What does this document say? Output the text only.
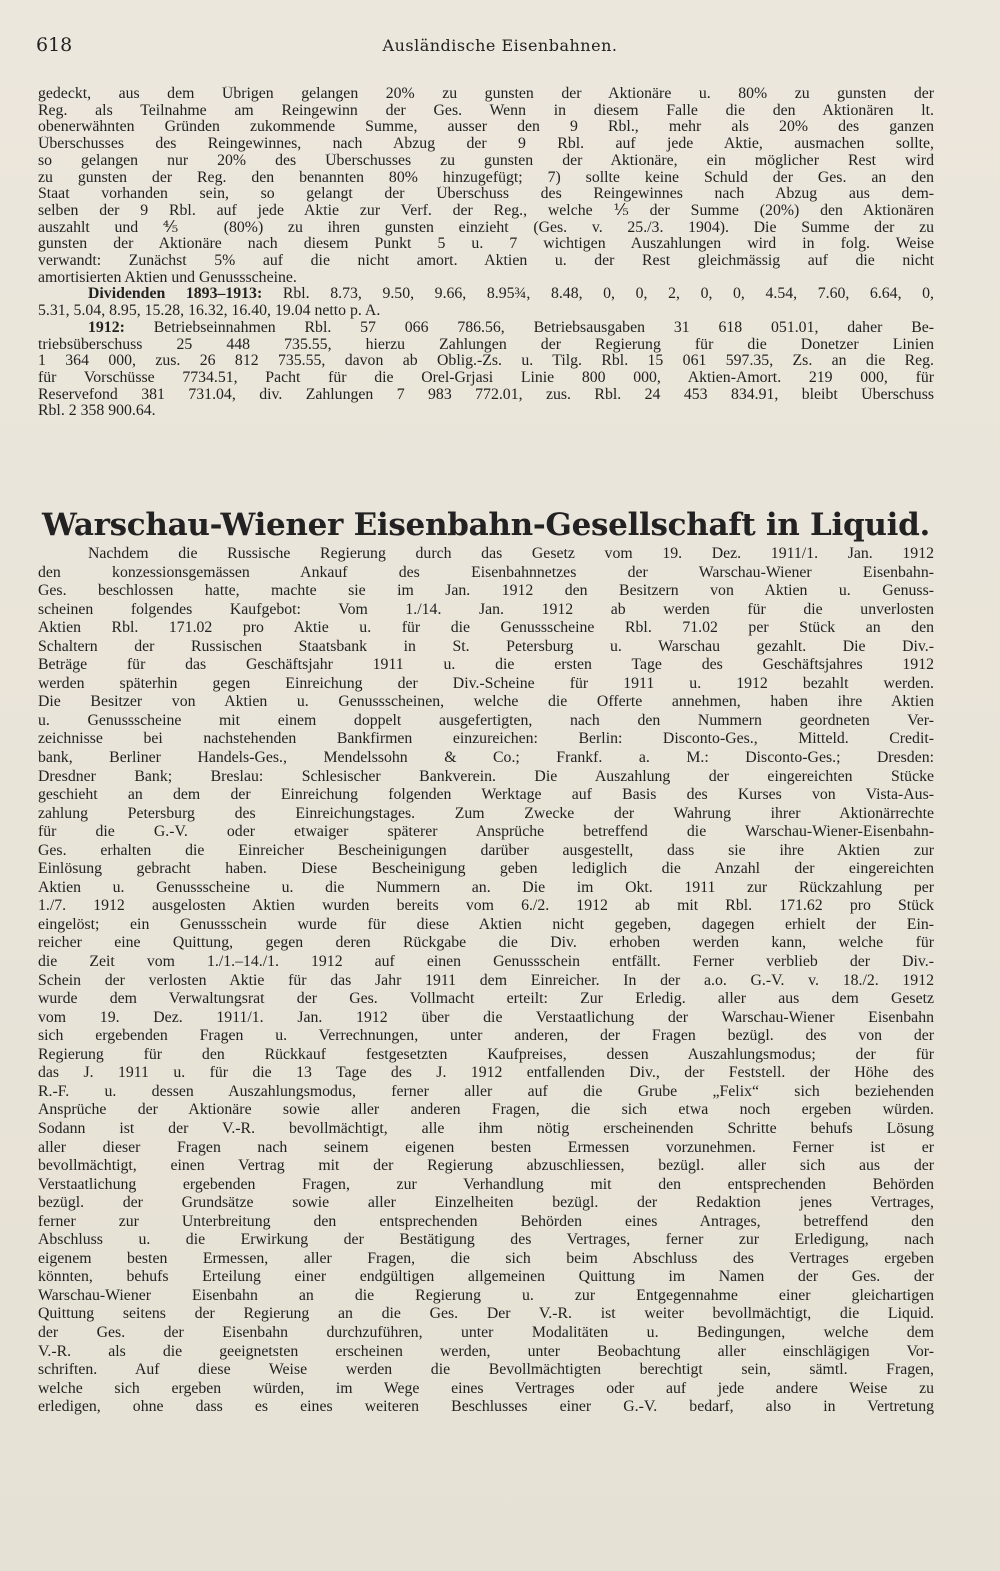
618	Ausländische Eisenbahnen.
gedeckt, aus dem Übrigen gelangen 20% zu gunsten der Aktionäre u. 80% zu gunsten der
Reg. als Teilnahme am Reingewinn der Ges. Wenn in diesem Falle die den Aktionären lt.
obenerwähnten Gründen zukommende Summe, ausser den 9 Rbl., mehr als 20% des ganzen
Überschusses des Reingewinnes, nach Abzug der 9 Rbl. auf jede Aktie, ausmachen sollte,
so gelangen nur 20% des Überschusses zu gunsten der Aktionäre, ein möglicher Rest wird
zu gunsten der Reg. den benannten 80% hinzugefügt; 7) sollte keine Schuld der Ges. an den
Staat vorhanden sein, so gelangt der Überschuss des Reingewinnes nach Abzug aus dem-
selben der 9 Rbl. auf jede Aktie zur Verf. der Reg., welche ⅕ der Summe (20%) den Aktionären
auszahlt und ⅘ (80%) zu ihren gunsten einzieht (Ges. v. 25./3. 1904). Die Summe der zu
gunsten der Aktionäre nach diesem Punkt 5 u. 7 wichtigen Auszahlungen wird in folg. Weise
verwandt: Zunächst 5% auf die nicht amort. Aktien u. der Rest gleichmässig auf die nicht
amortisierten Aktien und Genussscheine.
Dividenden 1893–1913: Rbl. 8.73, 9.50, 9.66, 8.95¾, 8.48, 0, 0, 2, 0, 0, 4.54, 7.60, 6.64, 0,
5.31, 5.04, 8.95, 15.28, 16.32, 16.40, 19.04 netto p. A.
1912: Betriebseinnahmen Rbl. 57 066 786.56, Betriebsausgaben 31 618 051.01, daher Be-
triebsüberschuss 25 448 735.55, hierzu Zahlungen der Regierung für die Donetzer Linien
1 364 000, zus. 26 812 735.55, davon ab Oblig.-Zs. u. Tilg. Rbl. 15 061 597.35, Zs. an die Reg.
für Vorschüsse 7734.51, Pacht für die Orel-Grjasi Linie 800 000, Aktien-Amort. 219 000, für
Reservefond 381 731.04, div. Zahlungen 7 983 772.01, zus. Rbl. 24 453 834.91, bleibt Überschuss
Rbl. 2 358 900.64.
Warschau-Wiener Eisenbahn-Gesellschaft in Liquid.
Nachdem die Russische Regierung durch das Gesetz vom 19. Dez. 1911/1. Jan. 1912
den konzessionsgemässen Ankauf des Eisenbahnnetzes der Warschau-Wiener Eisenbahn-
Ges. beschlossen hatte, machte sie im Jan. 1912 den Besitzern von Aktien u. Genuss-
scheinen folgendes Kaufgebot: Vom 1./14. Jan. 1912 ab werden für die unverlosten
Aktien Rbl. 171.02 pro Aktie u. für die Genussscheine Rbl. 71.02 per Stück an den
Schaltern der Russischen Staatsbank in St. Petersburg u. Warschau gezahlt. Die Div.-
Beträge für das Geschäftsjahr 1911 u. die ersten Tage des Geschäftsjahres 1912
werden späterhin gegen Einreichung der Div.-Scheine für 1911 u. 1912 bezahlt werden.
Die Besitzer von Aktien u. Genussscheinen, welche die Offerte annehmen, haben ihre Aktien
u. Genussscheine mit einem doppelt ausgefertigten, nach den Nummern geordneten Ver-
zeichnisse bei nachstehenden Bankfirmen einzureichen: Berlin: Disconto-Ges., Mitteld. Credit-
bank, Berliner Handels-Ges., Mendelssohn & Co.; Frankf. a. M.: Disconto-Ges.; Dresden:
Dresdner Bank; Breslau: Schlesischer Bankverein. Die Auszahlung der eingereichten Stücke
geschieht an dem der Einreichung folgenden Werktage auf Basis des Kurses von Vista-Aus-
zahlung Petersburg des Einreichungstages. Zum Zwecke der Wahrung ihrer Aktionärrechte
für die G.-V. oder etwaiger späterer Ansprüche betreffend die Warschau-Wiener-Eisenbahn-
Ges. erhalten die Einreicher Bescheinigungen darüber ausgestellt, dass sie ihre Aktien zur
Einlösung gebracht haben. Diese Bescheinigung geben lediglich die Anzahl der eingereichten
Aktien u. Genussscheine u. die Nummern an. Die im Okt. 1911 zur Rückzahlung per
1./7. 1912 ausgelosten Aktien wurden bereits vom 6./2. 1912 ab mit Rbl. 171.62 pro Stück
eingelöst; ein Genussschein wurde für diese Aktien nicht gegeben, dagegen erhielt der Ein-
reicher eine Quittung, gegen deren Rückgabe die Div. erhoben werden kann, welche für
die Zeit vom 1./1.–14./1. 1912 auf einen Genussschein entfällt. Ferner verblieb der Div.-
Schein der verlosten Aktie für das Jahr 1911 dem Einreicher. In der a.o. G.-V. v. 18./2. 1912
wurde dem Verwaltungsrat der Ges. Vollmacht erteilt: Zur Erledig. aller aus dem Gesetz
vom 19. Dez. 1911/1. Jan. 1912 über die Verstaatlichung der Warschau-Wiener Eisenbahn
sich ergebenden Fragen u. Verrechnungen, unter anderen, der Fragen bezügl. des von der
Regierung für den Rückkauf festgesetzten Kaufpreises, dessen Auszahlungsmodus; der für
das J. 1911 u. für die 13 Tage des J. 1912 entfallenden Div., der Feststell. der Höhe des
R.-F. u. dessen Auszahlungsmodus, ferner aller auf die Grube „Felix“ sich beziehenden
Ansprüche der Aktionäre sowie aller anderen Fragen, die sich etwa noch ergeben würden.
Sodann ist der V.-R. bevollmächtigt, alle ihm nötig erscheinenden Schritte behufs Lösung
aller dieser Fragen nach seinem eigenen besten Ermessen vorzunehmen. Ferner ist er
bevollmächtigt, einen Vertrag mit der Regierung abzuschliessen, bezügl. aller sich aus der
Verstaatlichung ergebenden Fragen, zur Verhandlung mit den entsprechenden Behörden
bezügl. der Grundsätze sowie aller Einzelheiten bezügl. der Redaktion jenes Vertrages,
ferner zur Unterbreitung den entsprechenden Behörden eines Antrages, betreffend den
Abschluss u. die Erwirkung der Bestätigung des Vertrages, ferner zur Erledigung, nach
eigenem besten Ermessen, aller Fragen, die sich beim Abschluss des Vertrages ergeben
könnten, behufs Erteilung einer endgültigen allgemeinen Quittung im Namen der Ges. der
Warschau-Wiener Eisenbahn an die Regierung u. zur Entgegennahme einer gleichartigen
Quittung seitens der Regierung an die Ges. Der V.-R. ist weiter bevollmächtigt, die Liquid.
der Ges. der Eisenbahn durchzuführen, unter Modalitäten u. Bedingungen, welche dem
V.-R. als die geeignetsten erscheinen werden, unter Beobachtung aller einschlägigen Vor-
schriften. Auf diese Weise werden die Bevollmächtigten berechtigt sein, sämtl. Fragen,
welche sich ergeben würden, im Wege eines Vertrages oder auf jede andere Weise zu
erledigen, ohne dass es eines weiteren Beschlusses einer G.-V. bedarf, also in Vertretung
